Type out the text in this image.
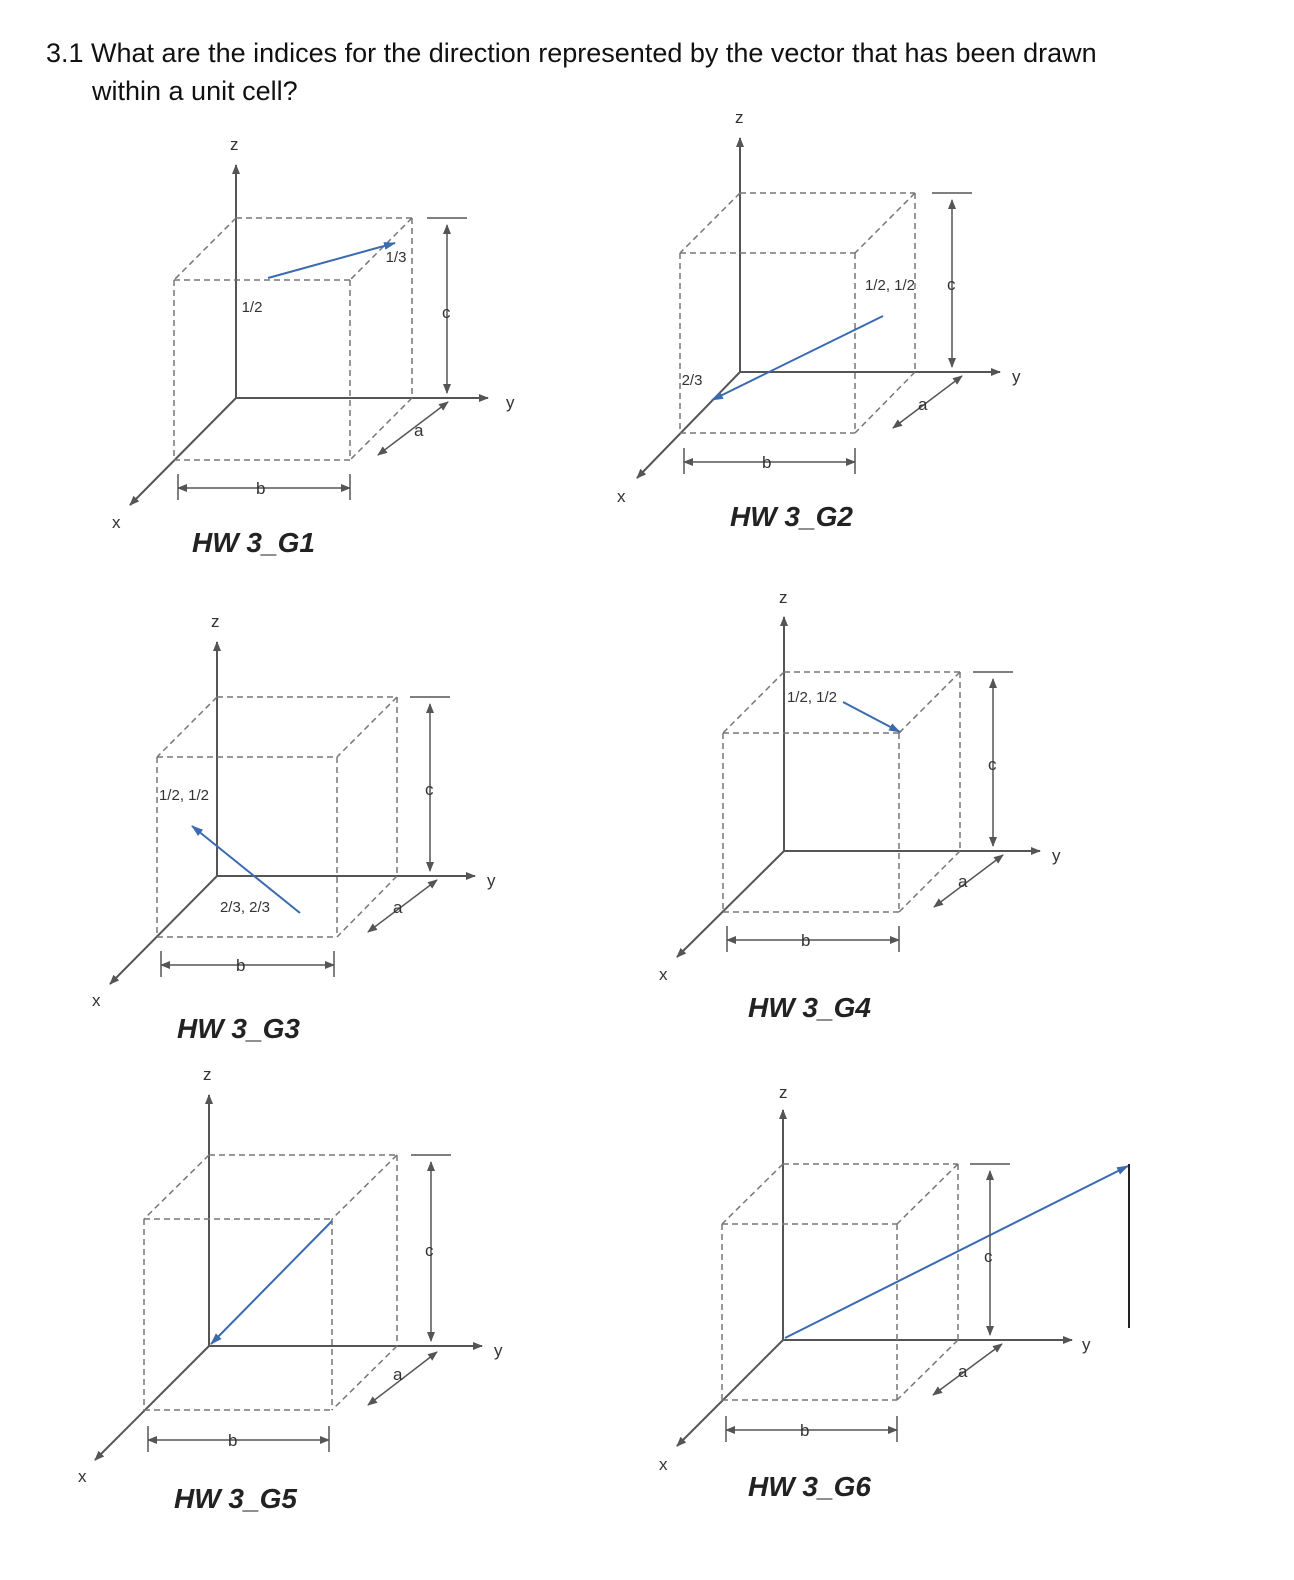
3.1 What are the indices for the direction represented by the vector that has been drawn
within a unit cell?
z
y
x
c
b
a
1/2
1/3
HW 3_G1
z
y
x
c
b
a
1/2, 1/2
2/3
HW 3_G2
z
y
x
c
b
a
1/2, 1/2
2/3, 2/3
HW 3_G3
z
y
x
c
b
a
1/2, 1/2
HW 3_G4
z
y
x
c
b
a
HW 3_G5
z
y
x
c
b
a
HW 3_G6
